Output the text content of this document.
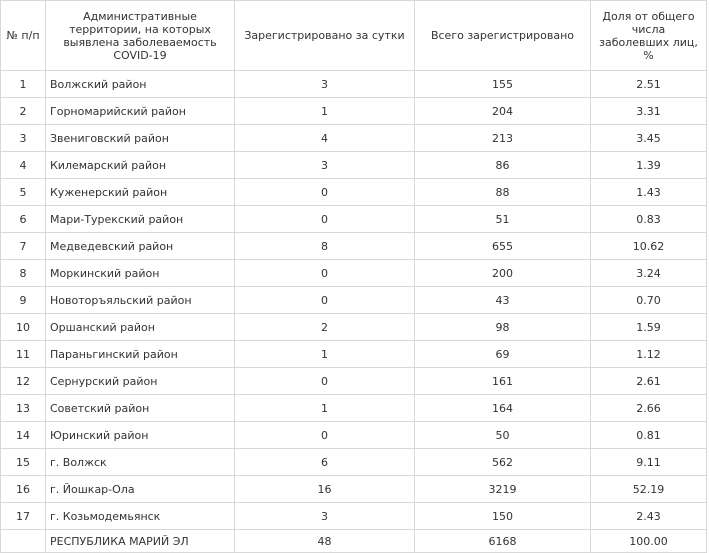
№ п/п	Административные территории, на которых выявлена заболеваемость COVID-19	Зарегистрировано за сутки	Всего зарегистрировано	Доля от общего числа заболевших лиц, %
1	Волжский район	3	155	2.51
2	Горномарийский район	1	204	3.31
3	Звениговский район	4	213	3.45
4	Килемарский район	3	86	1.39
5	Куженерский район	0	88	1.43
6	Мари-Турекский район	0	51	0.83
7	Медведевский район	8	655	10.62
8	Моркинский район	0	200	3.24
9	Новоторъяльский район	0	43	0.70
10	Оршанский район	2	98	1.59
11	Параньгинский район	1	69	1.12
12	Сернурский район	0	161	2.61
13	Советский район	1	164	2.66
14	Юринский район	0	50	0.81
15	г. Волжск	6	562	9.11
16	г. Йошкар-Ола	16	3219	52.19
17	г. Козьмодемьянск	3	150	2.43
	РЕСПУБЛИКА МАРИЙ ЭЛ	48	6168	100.00
